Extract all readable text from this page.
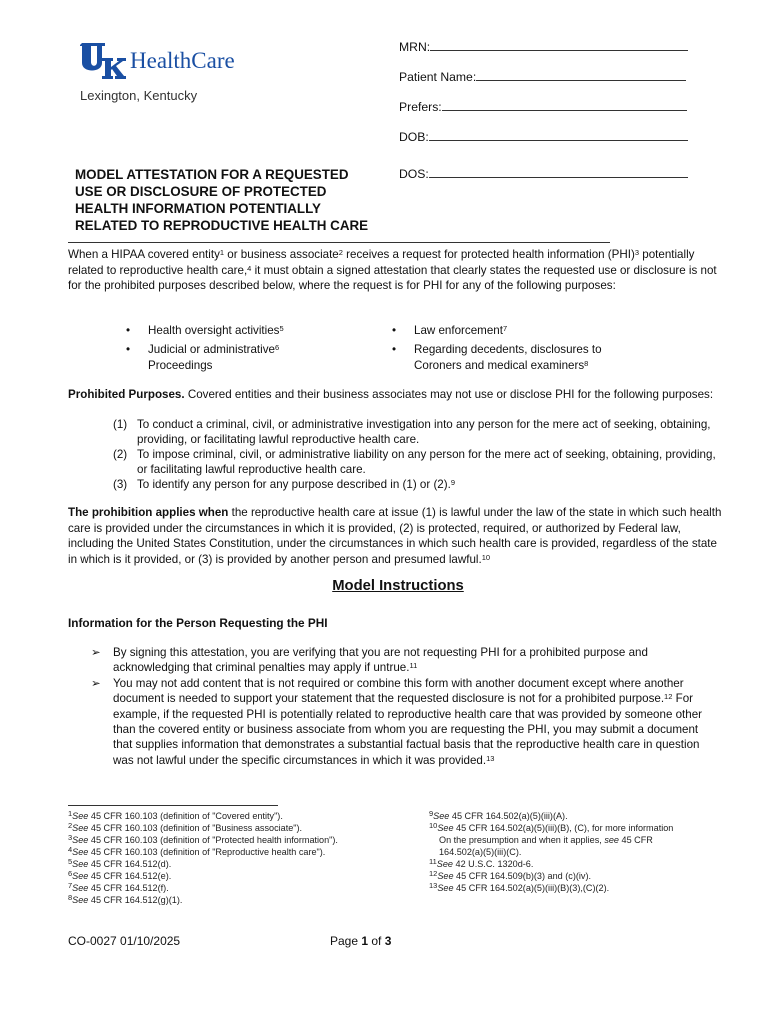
HealthCare
Lexington, Kentucky
MRN:
Patient Name:
Prefers:
DOB:
DOS:
MODEL ATTESTATION FOR A REQUESTED
USE OR DISCLOSURE OF PROTECTED
HEALTH INFORMATION POTENTIALLY
RELATED TO REPRODUCTIVE HEALTH CARE
When a HIPAA covered entity$^1$ or business associate$^2$ receives a request for protected health information (PHI)$^3$ potentially related to reproductive health care,$^4$ it must obtain a signed attestation that clearly states the requested use or disclosure is not for the prohibited purposes described below, where the request is for PHI for any of the following purposes:
• Health oversight activities$^5$
• Judicial or administrative$^6$
Proceedings
• Law enforcement$^7$
• Regarding decedents, disclosures to
Coroners and medical examiners$^8$
Prohibited Purposes. Covered entities and their business associates may not use or disclose PHI for the following purposes:
(1) To conduct a criminal, civil, or administrative investigation into any person for the mere act of seeking, obtaining, providing, or facilitating lawful reproductive health care.
(2) To impose criminal, civil, or administrative liability on any person for the mere act of seeking, obtaining, providing, or facilitating lawful reproductive health care.
(3) To identify any person for any purpose described in (1) or (2).$^9$
The prohibition applies when the reproductive health care at issue (1) is lawful under the law of the state in which such health care is provided under the circumstances in which it is provided, (2) is protected, required, or authorized by Federal law, including the United States Constitution, under the circumstances in which such health care is provided, regardless of the state in which is it provided, or (3) is provided by another person and presumed lawful.$^{10}$
Model Instructions
Information for the Person Requesting the PHI
➢ By signing this attestation, you are verifying that you are not requesting PHI for a prohibited purpose and acknowledging that criminal penalties may apply if untrue.$^{11}$
➢ You may not add content that is not required or combine this form with another document except where another document is needed to support your statement that the requested disclosure is not for a prohibited purpose.$^{12}$ For example, if the requested PHI is potentially related to reproductive health care that was provided by someone other than the covered entity or business associate from whom you are requesting the PHI, you may submit a document that supplies information that demonstrates a substantial factual basis that the reproductive health care in question was not lawful under the specific circumstances in which it was provided.$^{13}$
$^1$See 45 CFR 160.103 (definition of "Covered entity").
$^2$See 45 CFR 160.103 (definition of "Business associate").
$^3$See 45 CFR 160.103 (definition of "Protected health information").
$^4$See 45 CFR 160.103 (definition of "Reproductive health care").
$^5$See 45 CFR 164.512(d).
$^6$See 45 CFR 164.512(e).
$^7$See 45 CFR 164.512(f).
$^8$See 45 CFR 164.512(g)(1).
$^9$See 45 CFR 164.502(a)(5)(iii)(A).
$^{10}$See 45 CFR 164.502(a)(5)(iii)(B), (C), for more information
On the presumption and when it applies, see 45 CFR
164.502(a)(5)(iii)(C).
$^{11}$See 42 U.S.C. 1320d-6.
$^{12}$See 45 CFR 164.509(b)(3) and (c)(iv).
$^{13}$See 45 CFR 164.502(a)(5)(iii)(B)(3),(C)(2).
CO-0027 01/10/2025	Page 1 of 3
